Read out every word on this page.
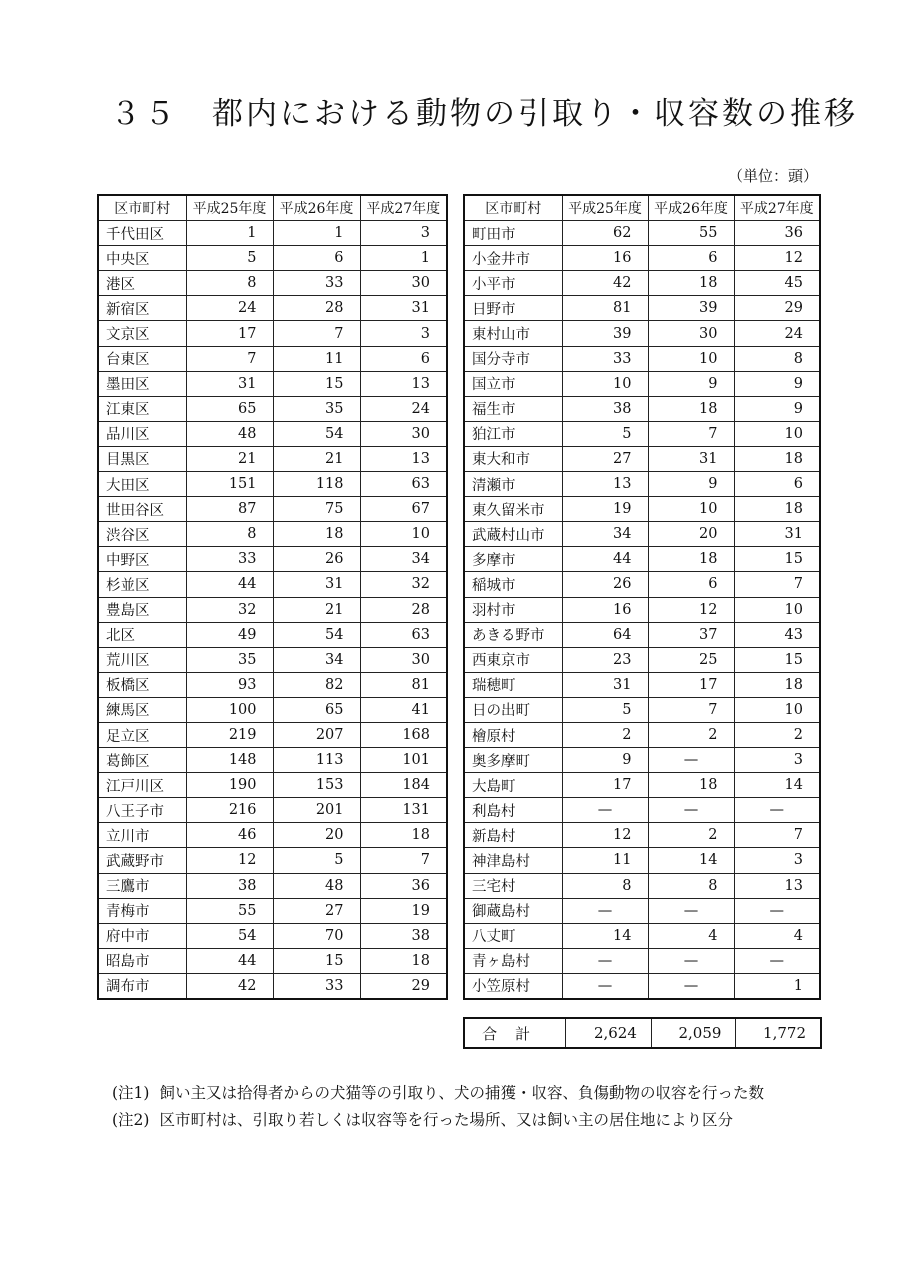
３５　都内における動物の引取り・収容数の推移
（単位：頭）
区市町村	平成25年度	平成26年度	平成27年度
千代田区	1	1	3
中央区	5	6	1
港区	8	33	30
新宿区	24	28	31
文京区	17	7	3
台東区	7	11	6
墨田区	31	15	13
江東区	65	35	24
品川区	48	54	30
目黒区	21	21	13
大田区	151	118	63
世田谷区	87	75	67
渋谷区	8	18	10
中野区	33	26	34
杉並区	44	31	32
豊島区	32	21	28
北区	49	54	63
荒川区	35	34	30
板橋区	93	82	81
練馬区	100	65	41
足立区	219	207	168
葛飾区	148	113	101
江戸川区	190	153	184
八王子市	216	201	131
立川市	46	20	18
武蔵野市	12	5	7
三鷹市	38	48	36
青梅市	55	27	19
府中市	54	70	38
昭島市	44	15	18
調布市	42	33	29
区市町村	平成25年度	平成26年度	平成27年度
町田市	62	55	36
小金井市	16	6	12
小平市	42	18	45
日野市	81	39	29
東村山市	39	30	24
国分寺市	33	10	8
国立市	10	9	9
福生市	38	18	9
狛江市	5	7	10
東大和市	27	31	18
清瀬市	13	9	6
東久留米市	19	10	18
武蔵村山市	34	20	31
多摩市	44	18	15
稲城市	26	6	7
羽村市	16	12	10
あきる野市	64	37	43
西東京市	23	25	15
瑞穂町	31	17	18
日の出町	5	7	10
檜原村	2	2	2
奥多摩町	9	—	3
大島町	17	18	14
利島村	—	—	—
新島村	12	2	7
神津島村	11	14	3
三宅村	8	8	13
御蔵島村	—	—	—
八丈町	14	4	4
青ヶ島村	—	—	—
小笠原村	—	—	1
合計	2,624	2,059	1,772
(注1) 飼い主又は拾得者からの犬猫等の引取り、犬の捕獲・収容、負傷動物の収容を行った数
(注2) 区市町村は、引取り若しくは収容等を行った場所、又は飼い主の居住地により区分
